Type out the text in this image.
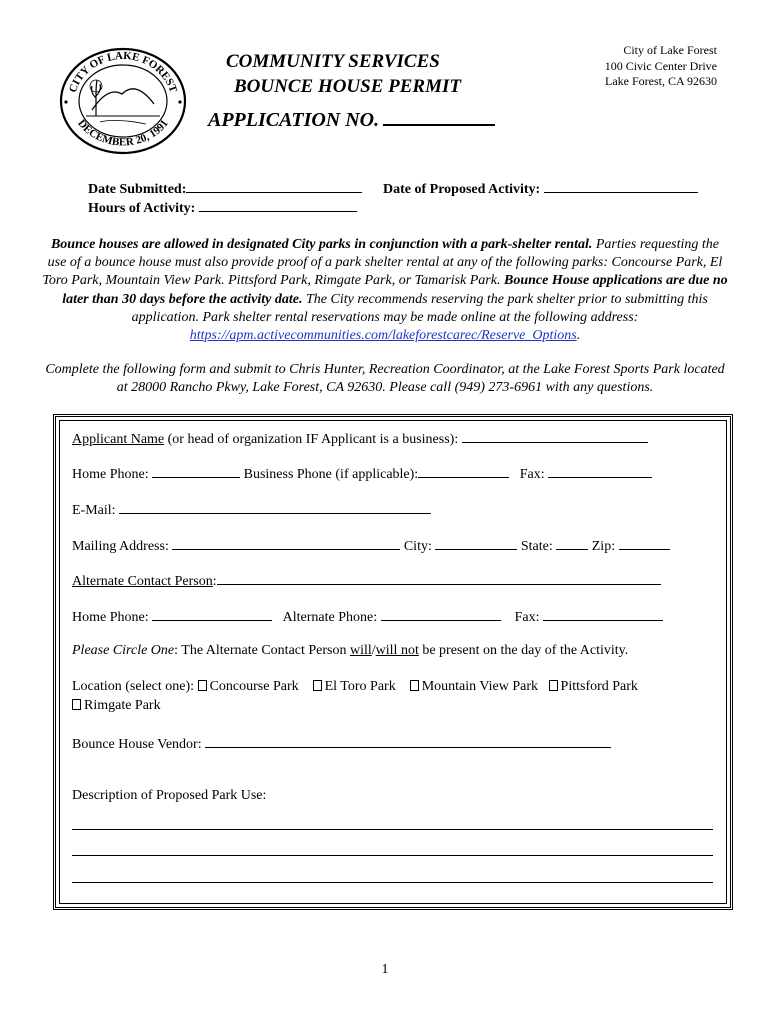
CITY OF LAKE FOREST
DECEMBER 20, 1991
COMMUNITY SERVICES
BOUNCE HOUSE PERMIT
APPLICATION NO.
City of Lake Forest
100 Civic Center Drive
Lake Forest, CA 92630
Date Submitted:	Date of Proposed Activity:
Hours of Activity:
Bounce houses are allowed in designated City parks in conjunction with a park-shelter rental. Parties requesting the use of a bounce house must also provide proof of a park shelter rental at any of the following parks: Concourse Park, El Toro Park, Mountain View Park. Pittsford Park, Rimgate Park, or Tamarisk Park. Bounce House applications are due no later than 30 days before the activity date. The City recommends reserving the park shelter prior to submitting this application. Park shelter rental reservations may be made online at the following address: https://apm.activecommunities.com/lakeforestcarec/Reserve_Options.
Complete the following form and submit to Chris Hunter, Recreation Coordinator, at the Lake Forest Sports Park located at 28000 Rancho Pkwy, Lake Forest, CA 92630. Please call (949) 273-6961 with any questions.
Applicant Name (or head of organization IF Applicant is a business):
Home Phone:	Business Phone (if applicable):	Fax:
E-Mail:
Mailing Address:	City:	State:	Zip:
Alternate Contact Person:
Home Phone:	Alternate Phone:	Fax:
Please Circle One: The Alternate Contact Person will/will not be present on the day of the Activity.
Location (select one): Concourse Park El Toro Park Mountain View Park Pittsford Park
Rimgate Park
Bounce House Vendor:
Description of Proposed Park Use:
1
